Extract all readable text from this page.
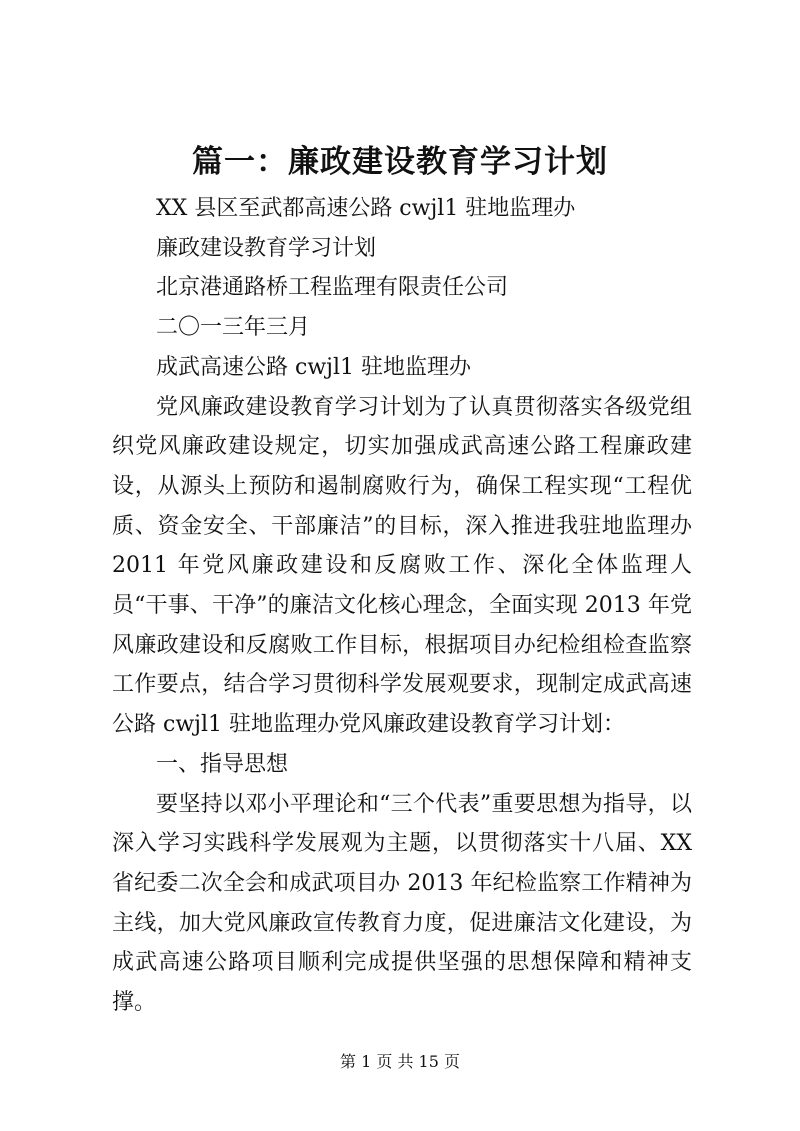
篇一：廉政建设教育学习计划

XX 县区至武都高速公路 cwjl1 驻地监理办

廉政建设教育学习计划

北京港通路桥工程监理有限责任公司

二〇一三年三月

成武高速公路 cwjl1 驻地监理办

党风廉政建设教育学习计划为了认真贯彻落实各级党组织党风廉政建设规定，切实加强成武高速公路工程廉政建设，从源头上预防和遏制腐败行为，确保工程实现“工程优质、资金安全、干部廉洁”的目标，深入推进我驻地监理办 2011 年党风廉政建设和反腐败工作、深化全体监理人员“干事、干净”的廉洁文化核心理念，全面实现 2013 年党风廉政建设和反腐败工作目标，根据项目办纪检组检查监察工作要点，结合学习贯彻科学发展观要求，现制定成武高速公路 cwjl1 驻地监理办党风廉政建设教育学习计划：

一、指导思想

要坚持以邓小平理论和“三个代表”重要思想为指导，以深入学习实践科学发展观为主题，以贯彻落实十八届、XX 省纪委二次全会和成武项目办 2013 年纪检监察工作精神为主线，加大党风廉政宣传教育力度，促进廉洁文化建设，为成武高速公路项目顺利完成提供坚强的思想保障和精神支撑。

第 1 页 共 15 页
